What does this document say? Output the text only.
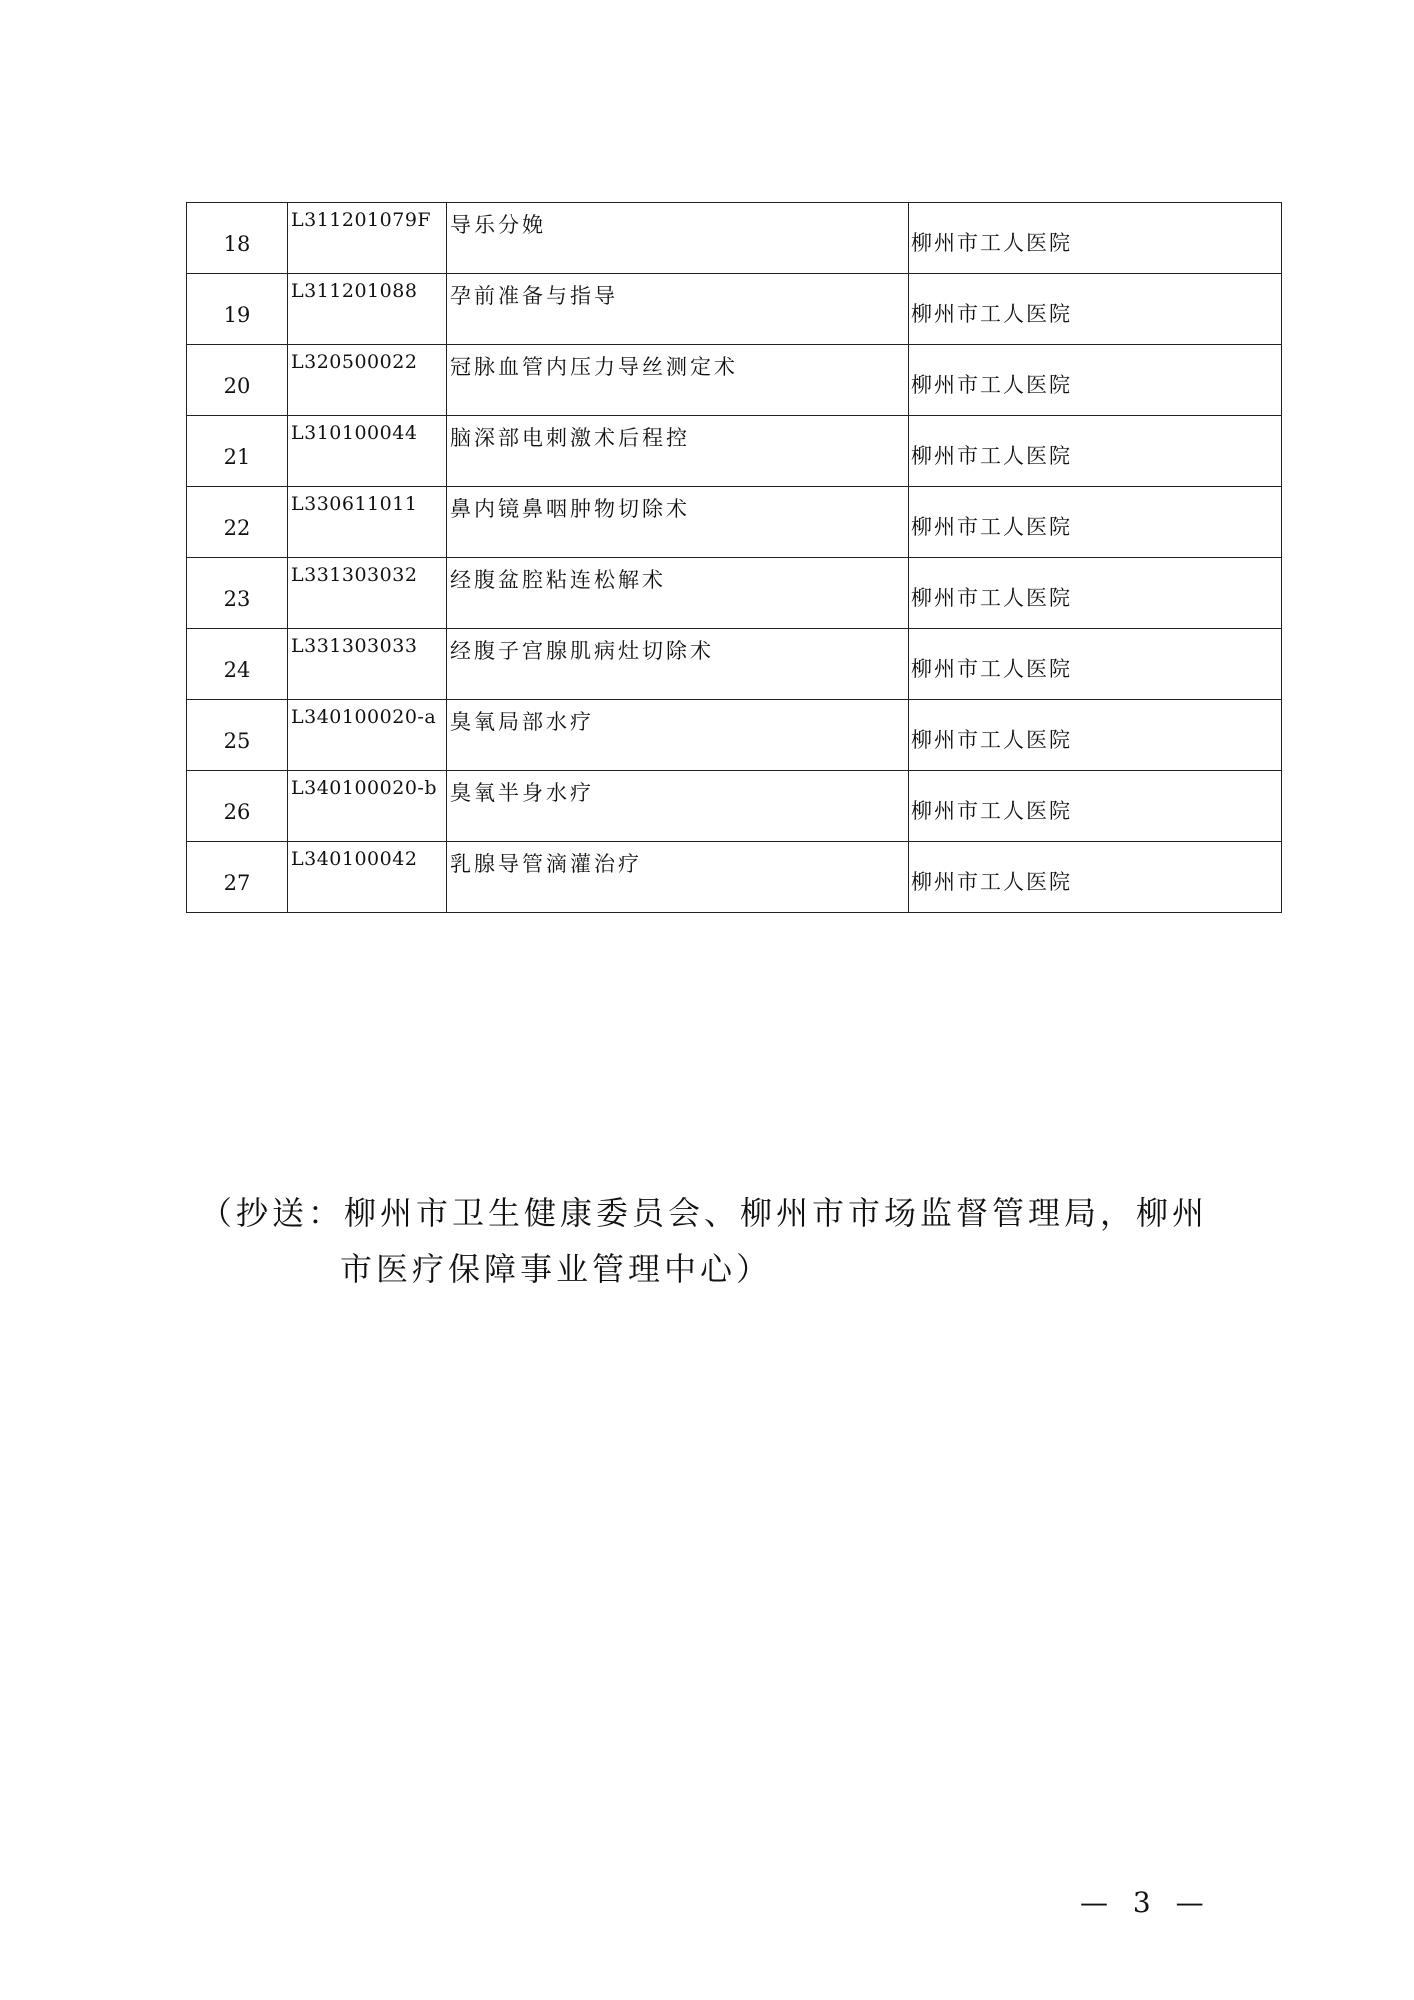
18	L311201079F	导乐分娩	柳州市工人医院

19	L311201088	孕前准备与指导	柳州市工人医院

20	L320500022	冠脉血管内压力导丝测定术	柳州市工人医院

21	L310100044	脑深部电刺激术后程控	柳州市工人医院

22	L330611011	鼻内镜鼻咽肿物切除术	柳州市工人医院

23	L331303032	经腹盆腔粘连松解术	柳州市工人医院

24	L331303033	经腹子宫腺肌病灶切除术	柳州市工人医院

25	L340100020-a	臭氧局部水疗	柳州市工人医院

26	L340100020-b	臭氧半身水疗	柳州市工人医院

27	L340100042	乳腺导管滴灌治疗	柳州市工人医院
（抄送：柳州市卫生健康委员会、柳州市市场监督管理局，柳州
市医疗保障事业管理中心）
— 3 —
